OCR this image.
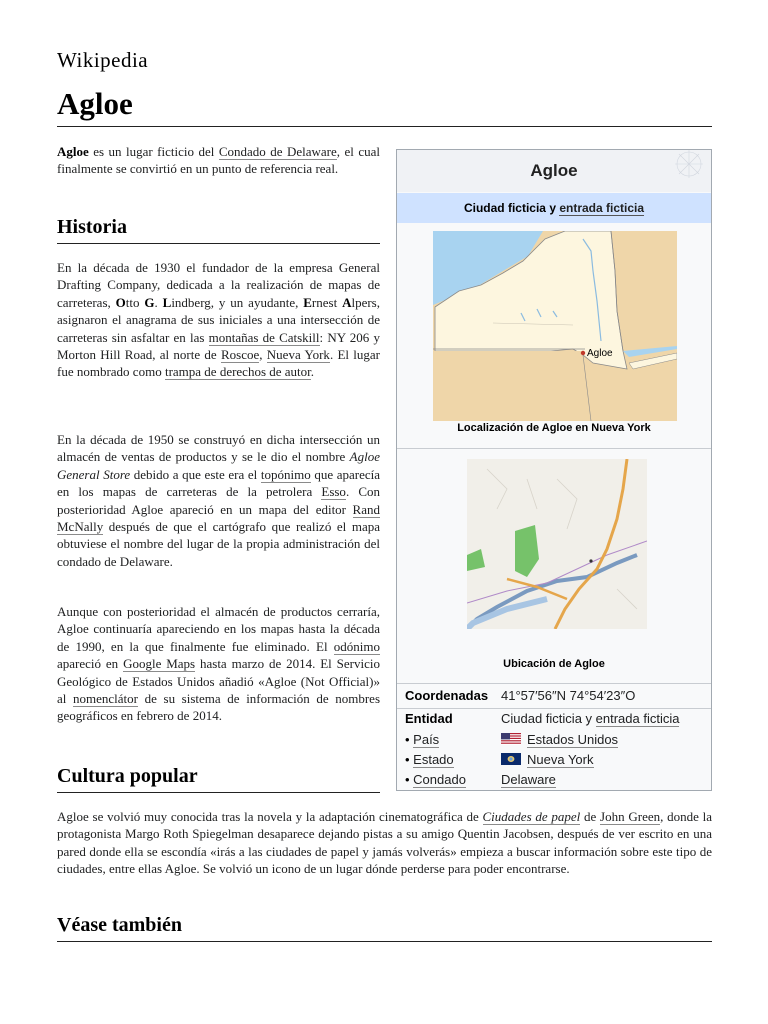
Wikipedia
Agloe

Agloe es un lugar ficticio del Condado de Delaware, el cual finalmente se convirtió en un punto de referencia real.

Historia

En la década de 1930 el fundador de la empresa General Drafting Company, dedicada a la realización de mapas de carreteras, Otto G. Lindberg, y un ayudante, Ernest Alpers, asignaron el anagrama de sus iniciales a una intersección de carreteras sin asfaltar en las montañas de Catskill: NY 206 y Morton Hill Road, al norte de Roscoe, Nueva York. El lugar fue nombrado como trampa de derechos de autor.

En la década de 1950 se construyó en dicha intersección un almacén de ventas de productos y se le dio el nombre Agloe General Store debido a que este era el topónimo que aparecía en los mapas de carreteras de la petrolera Esso. Con posterioridad Agloe apareció en un mapa del editor Rand McNally después de que el cartógrafo que realizó el mapa obtuviese el nombre del lugar de la propia administración del condado de Delaware.

Aunque con posterioridad el almacén de productos cerraría, Agloe continuaría apareciendo en los mapas hasta la década de 1990, en la que finalmente fue eliminado. El odónimo apareció en Google Maps hasta marzo de 2014. El Servicio Geológico de Estados Unidos añadió «Agloe (Not Official)» al nomenclátor de su sistema de información de nombres geográficos en febrero de 2014.

Cultura popular

Agloe se volvió muy conocida tras la novela y la adaptación cinematográfica de Ciudades de papel de John Green, donde la protagonista Margo Roth Spiegelman desaparece dejando pistas a su amigo Quentin Jacobsen, después de ver escrito en una pared donde ella se escondía «irás a las ciudades de papel y jamás volverás» empieza a buscar información sobre este tipo de ciudades, entre ellas Agloe. Se volvió un icono de un lugar dónde perderse para poder encontrarse.

Véase también
Agloe
Ciudad ficticia y entrada ficticia
Agloe
Localización de Agloe en Nueva York
Ubicación de Agloe
Coordenadas 41°57′56″N 74°54′23″O
Entidad	Ciudad ficticia y entrada ficticia
• País	Estados Unidos
• Estado	Nueva York
• Condado	Delaware
